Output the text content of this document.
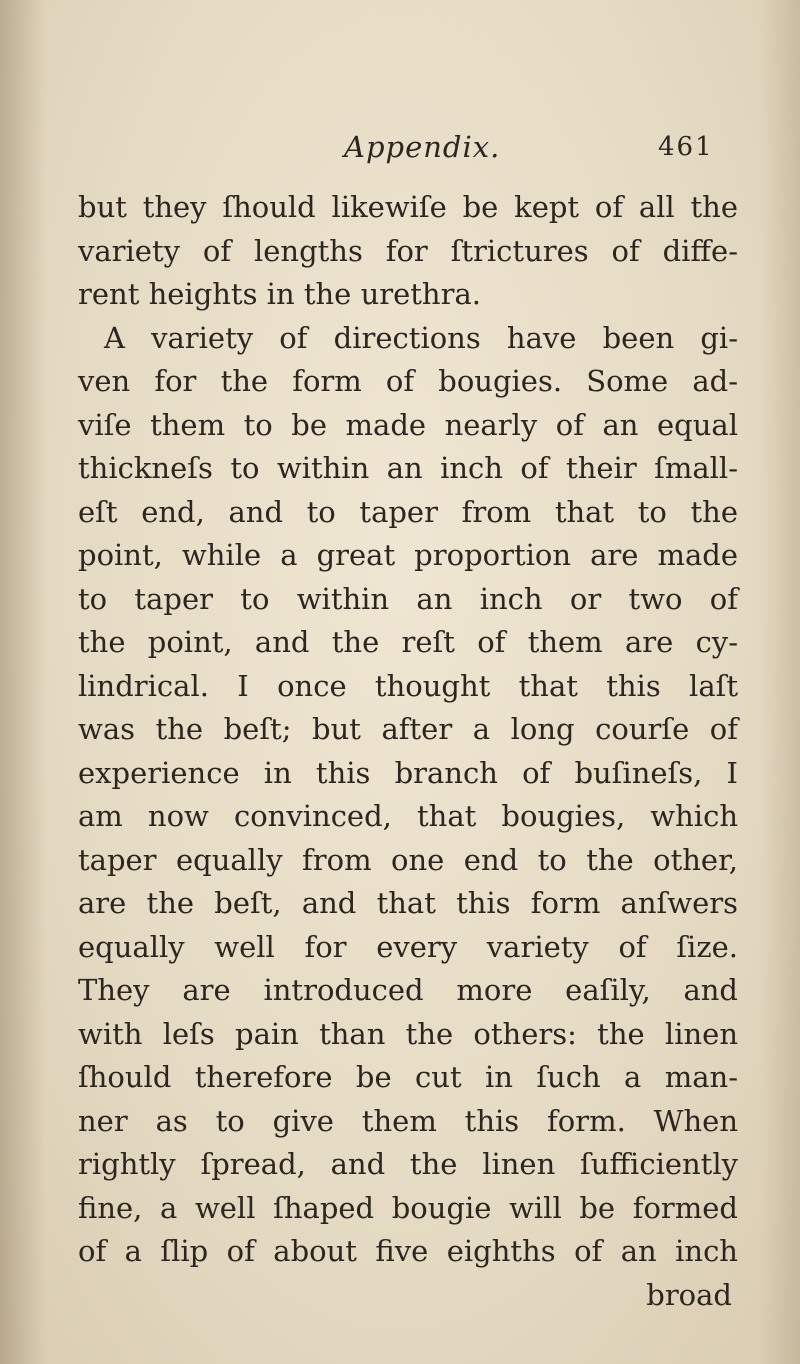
Appendix.	461
but they ſhould likewiſe be kept of all the
variety of lengths for ſtrictures of diffe-
rent heights in the urethra.
A variety of directions have been gi-
ven for the form of bougies. Some ad-
viſe them to be made nearly of an equal
thickneſs to within an inch of their ſmall-
eſt end, and to taper from that to the
point, while a great proportion are made
to taper to within an inch or two of
the point, and the reſt of them are cy-
lindrical. I once thought that this laſt
was the beſt; but after a long courſe of
experience in this branch of buſineſs, I
am now convinced, that bougies, which
taper equally from one end to the other,
are the beſt, and that this form anſwers
equally well for every variety of ſize.
They are introduced more eaſily, and
with leſs pain than the others: the linen
ſhould therefore be cut in ſuch a man-
ner as to give them this form. When
rightly ſpread, and the linen ſufficiently
fine, a well ſhaped bougie will be formed
of a ſlip of about five eighths of an inch
broad
